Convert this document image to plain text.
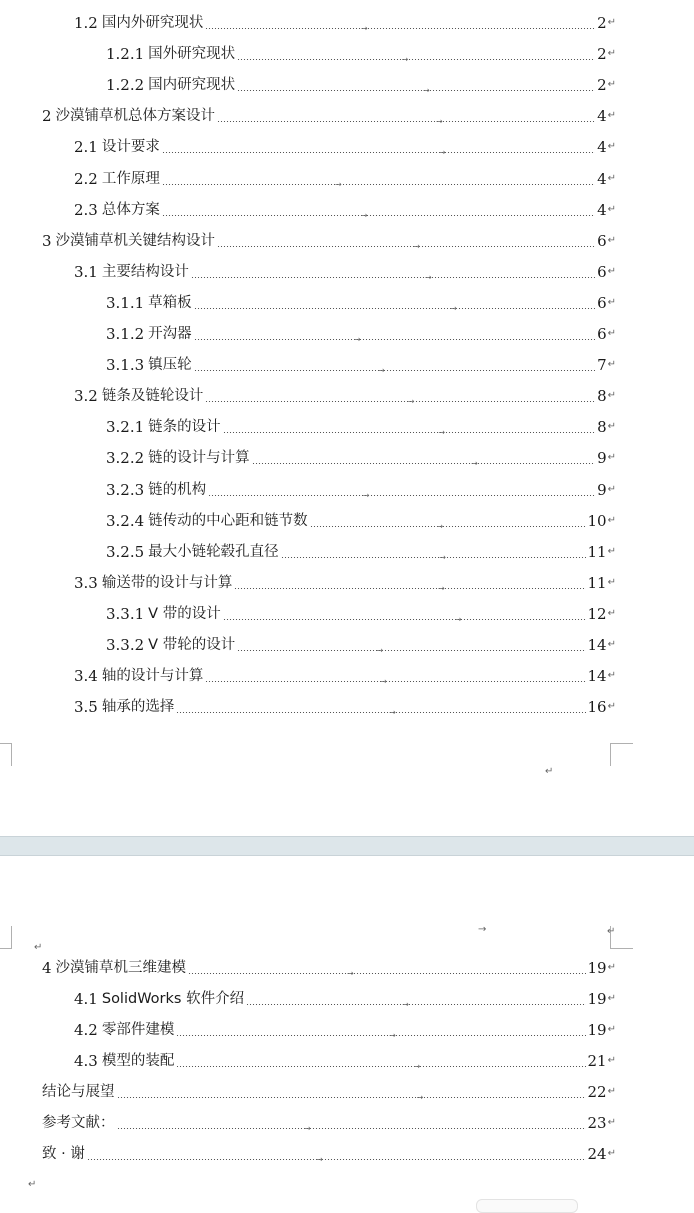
↵
→	↵
↵
↵
1.2 国内外研究现状	→	2 ↵
1.2.1 国外研究现状	→	2 ↵
1.2.2 国内研究现状	→	2 ↵
2 沙漠铺草机总体方案设计	→	4 ↵
2.1 设计要求	→	4 ↵
2.2 工作原理	→	4 ↵
2.3 总体方案	→	4 ↵
3 沙漠铺草机关键结构设计	→	6 ↵
3.1 主要结构设计	→	6 ↵
3.1.1 草箱板	→	6 ↵
3.1.2 开沟器	→	6 ↵
3.1.3 镇压轮	→	7 ↵
3.2 链条及链轮设计	→	8 ↵
3.2.1 链条的设计	→	8 ↵
3.2.2 链的设计与计算	→	9 ↵
3.2.3 链的机构	→	9 ↵
3.2.4 链传动的中心距和链节数	→	10 ↵
3.2.5 最大小链轮毂孔直径	→	11 ↵
3.3 输送带的设计与计算	→	11 ↵
3.3.1 V 带的设计	→	12 ↵
3.3.2 V 带轮的设计	→	14 ↵
3.4 轴的设计与计算	→	14 ↵
3.5 轴承的选择	→	16 ↵
4 沙漠铺草机三维建模	→	19 ↵
4.1 SolidWorks 软件介绍	→	19 ↵
4.2 零部件建模	→	19 ↵
4.3 模型的装配	→	21 ↵
结论与展望	→	22 ↵
参考文献：	→	23 ↵
致 · 谢	→	24 ↵
